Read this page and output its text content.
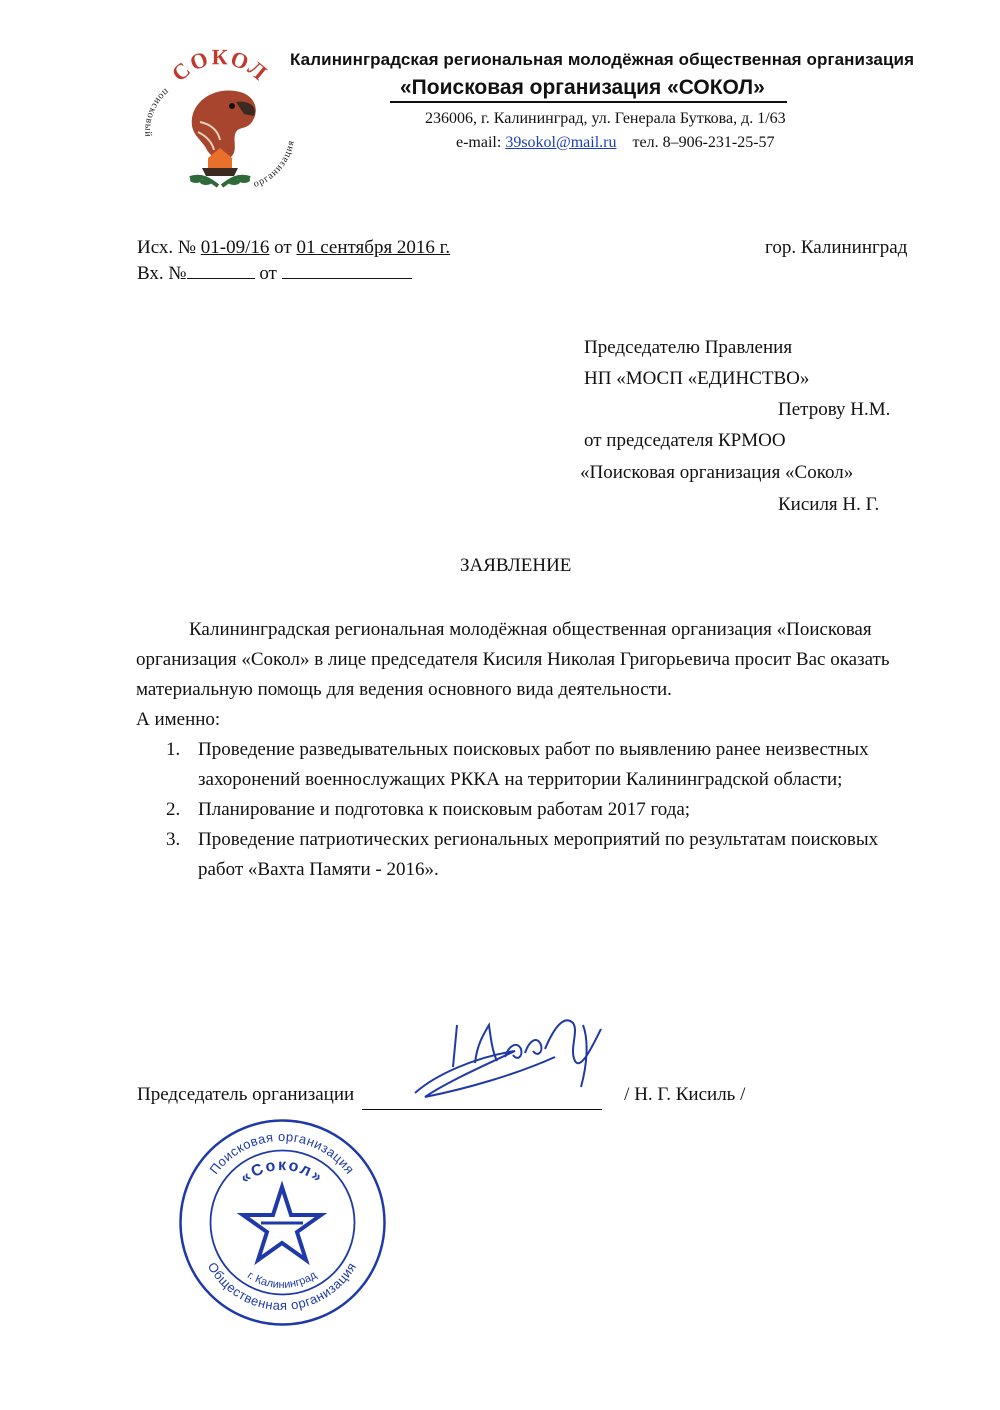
СОКОЛ
поисковый
организация
Калининградская региональная молодёжная общественная организация
«Поисковая организация «СОКОЛ»
236006, г. Калининград, ул. Генерала Буткова, д. 1/63
e-mail: 39sokol@mail.ru тел. 8–906-231-25-57
Исх. № 01-09/16 от 01 сентября 2016 г.
Вх. №	от
гор. Калининград
Председателю Правления
НП «МОСП «ЕДИНСТВО»
Петрову Н.М.
от председателя КРМОО
«Поисковая организация «Сокол»
Кисиля Н. Г.
ЗАЯВЛЕНИЕ

Калининградская региональная молодёжная общественная организация «Поисковая организация «Сокол» в лице председателя Кисиля Николая Григорьевича просит Вас оказать материальную помощь для ведения основного вида деятельности.

А именно:

1. Проведение разведывательных поисковых работ по выявлению ранее неизвестных захоронений военнослужащих РККА на территории Калининградской области;
2. Планирование и подготовка к поисковым работам 2017 года;
3. Проведение патриотических региональных мероприятий по результатам поисковых работ «Вахта Памяти - 2016».
Председатель организации	/ Н. Г. Кисиль /
Поисковая организация
Общественная организация
«Сокол»
г. Калининград
